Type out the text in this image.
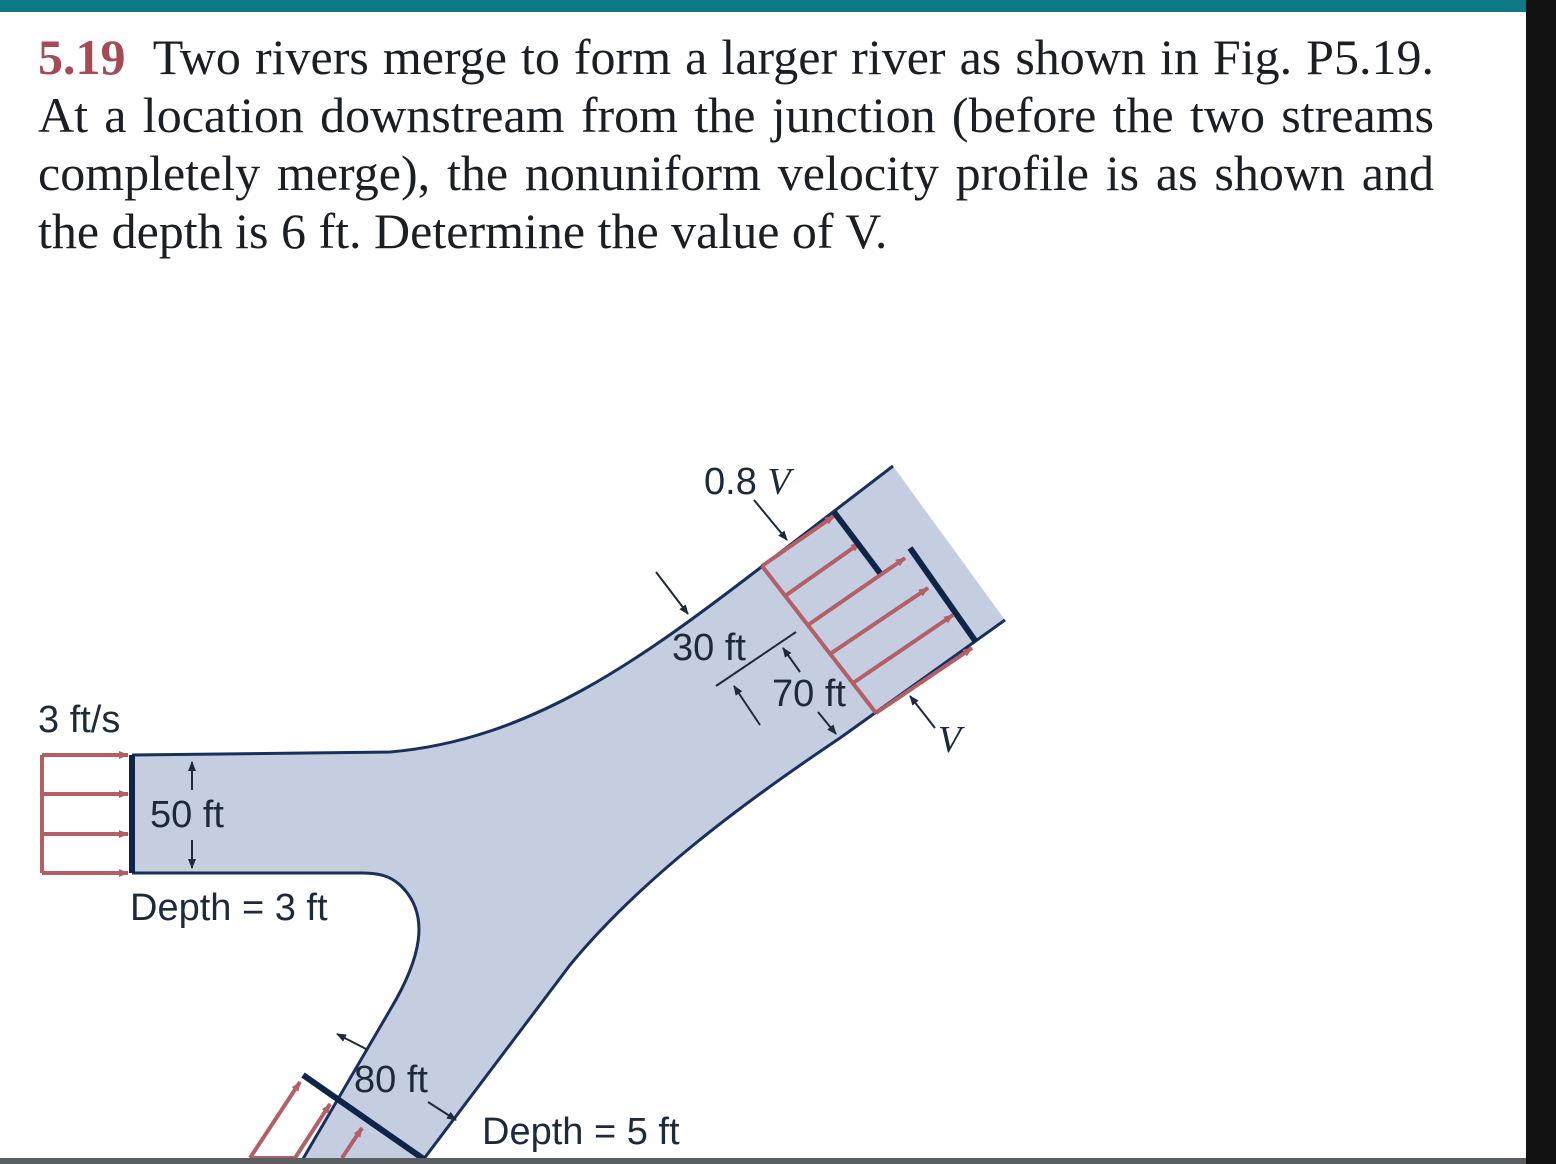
5.19 Two rivers merge to form a larger river as shown in Fig. P5.19. At a location downstream from the junction (before the two streams completely merge), the nonuniform velocity profile is as shown and the depth is 6 ft. Determine the value of V.

3 ft/s
50 ft
Depth = 3 ft
80 ft
Depth = 5 ft
0.8 V
30 ft
70 ft
V
